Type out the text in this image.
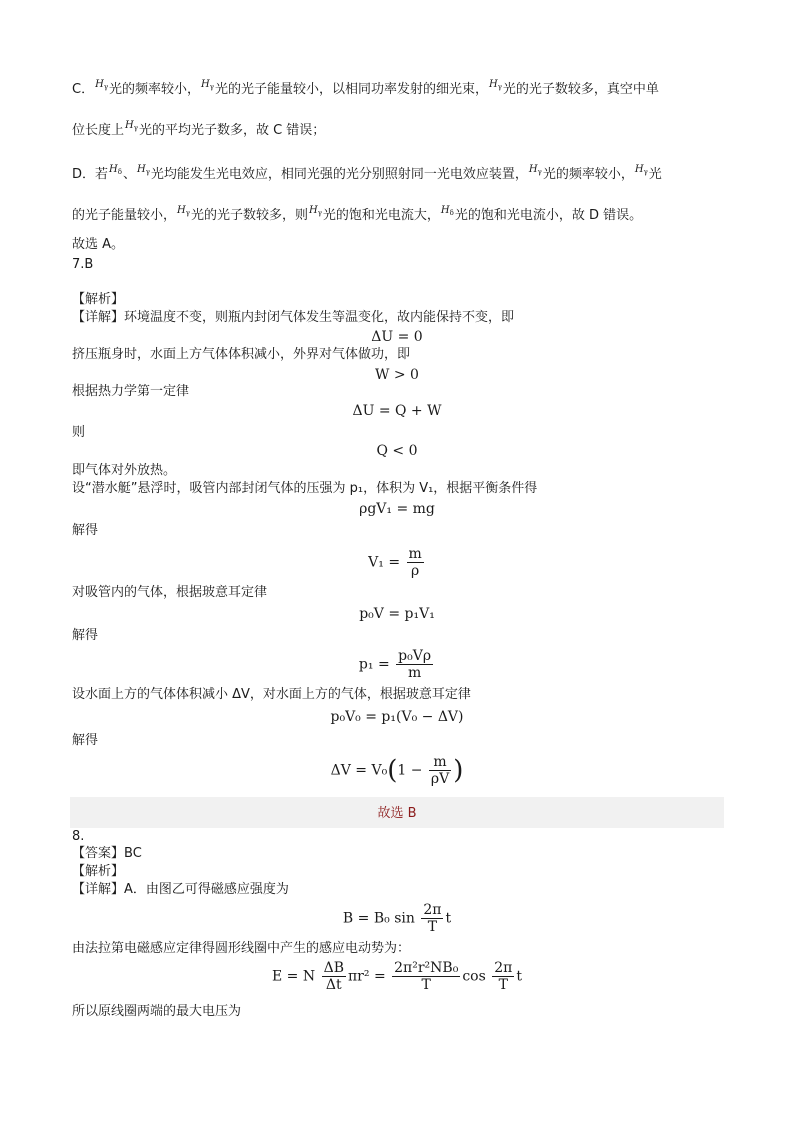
C．$H_\gamma$光的频率较小，$H_\gamma$光的光子能量较小，以相同功率发射的细光束，$H_\gamma$光的光子数较多，真空中单
位长度上$H_\gamma$光的平均光子数多，故 C 错误；
D．若$H_\delta$、$H_\gamma$光均能发生光电效应，相同光强的光分别照射同一光电效应装置，$H_\gamma$光的频率较小，$H_\gamma$光
的光子能量较小，$H_\gamma$光的光子数较多，则$H_\gamma$光的饱和光电流大，$H_\delta$光的饱和光电流小，故 D 错误。
故选 A。
7.B
【解析】
【详解】环境温度不变，则瓶内封闭气体发生等温变化，故内能保持不变，即
ΔU = 0
挤压瓶身时，水面上方气体体积减小，外界对气体做功，即
W > 0
根据热力学第一定律
ΔU = Q + W
则
Q < 0
即气体对外放热。
设“潜水艇”悬浮时，吸管内部封闭气体的压强为 p₁，体积为 V₁，根据平衡条件得
ρgV₁ = mg
解得
$V_1 = \frac{m}{\rho}$
对吸管内的气体，根据玻意耳定律
p₀V = p₁V₁
解得
$p_1 = \frac{\text{p₀Vρ}}{m}$
设水面上方的气体体积减小 ΔV，对水面上方的气体，根据玻意耳定律
p₀V₀ = p₁(V₀ − ΔV)
解得
$\Delta V = V_0(1 - \frac{m}{\rho V}$ )
故选 B
8.
【答案】BC
【解析】
【详解】A．由图乙可得磁感应强度为
B = B₀ $\sin \frac{2\pi}{T}$ t
由法拉第电磁感应定律得圆形线圈中产生的感应电动势为：
E = N $\frac{\Delta B}{\Delta t} \pi r^2 = \frac{\text{2π²r²NB₀}}{T}$ $\cos \frac{2\pi}{T}$ t
所以原线圈两端的最大电压为
